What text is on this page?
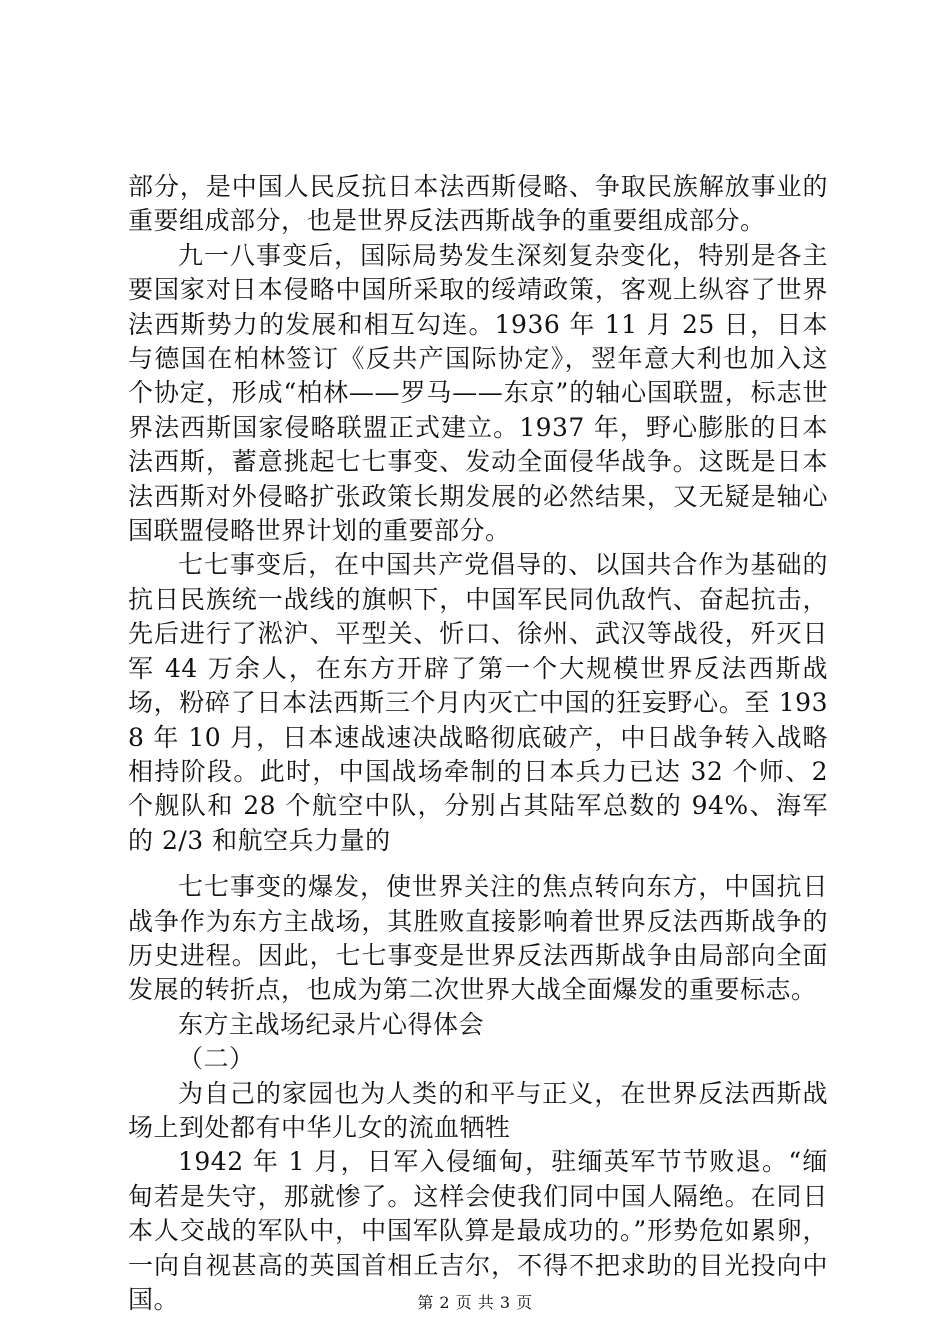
部分，是中国人民反抗日本法西斯侵略、争取民族解放事业的重要组成部分，也是世界反法西斯战争的重要组成部分。

九一八事变后，国际局势发生深刻复杂变化，特别是各主要国家对日本侵略中国所采取的绥靖政策，客观上纵容了世界法西斯势力的发展和相互勾连。1936 年 11 月 25 日，日本与德国在柏林签订《反共产国际协定》，翌年意大利也加入这个协定，形成“柏林——罗马——东京”的轴心国联盟，标志世界法西斯国家侵略联盟正式建立。1937 年，野心膨胀的日本法西斯，蓄意挑起七七事变、发动全面侵华战争。这既是日本法西斯对外侵略扩张政策长期发展的必然结果，又无疑是轴心国联盟侵略世界计划的重要部分。

七七事变后，在中国共产党倡导的、以国共合作为基础的抗日民族统一战线的旗帜下，中国军民同仇敌忾、奋起抗击，先后进行了淞沪、平型关、忻口、徐州、武汉等战役，歼灭日军 44 万余人，在东方开辟了第一个大规模世界反法西斯战场，粉碎了日本法西斯三个月内灭亡中国的狂妄野心。至 1938 年 10 月，日本速战速决战略彻底破产，中日战争转入战略相持阶段。此时，中国战场牵制的日本兵力已达 32 个师、2 个舰队和 28 个航空中队，分别占其陆军总数的 94%、海军的 2/3 和航空兵力量的

七七事变的爆发，使世界关注的焦点转向东方，中国抗日战争作为东方主战场，其胜败直接影响着世界反法西斯战争的历史进程。因此，七七事变是世界反法西斯战争由局部向全面发展的转折点，也成为第二次世界大战全面爆发的重要标志。

东方主战场纪录片心得体会

（二）

为自己的家园也为人类的和平与正义，在世界反法西斯战场上到处都有中华儿女的流血牺牲

1942 年 1 月，日军入侵缅甸，驻缅英军节节败退。“缅甸若是失守，那就惨了。这样会使我们同中国人隔绝。在同日本人交战的军队中，中国军队算是最成功的。”形势危如累卵，一向自视甚高的英国首相丘吉尔，不得不把求助的目光投向中国。	第 2 页 共 3 页
